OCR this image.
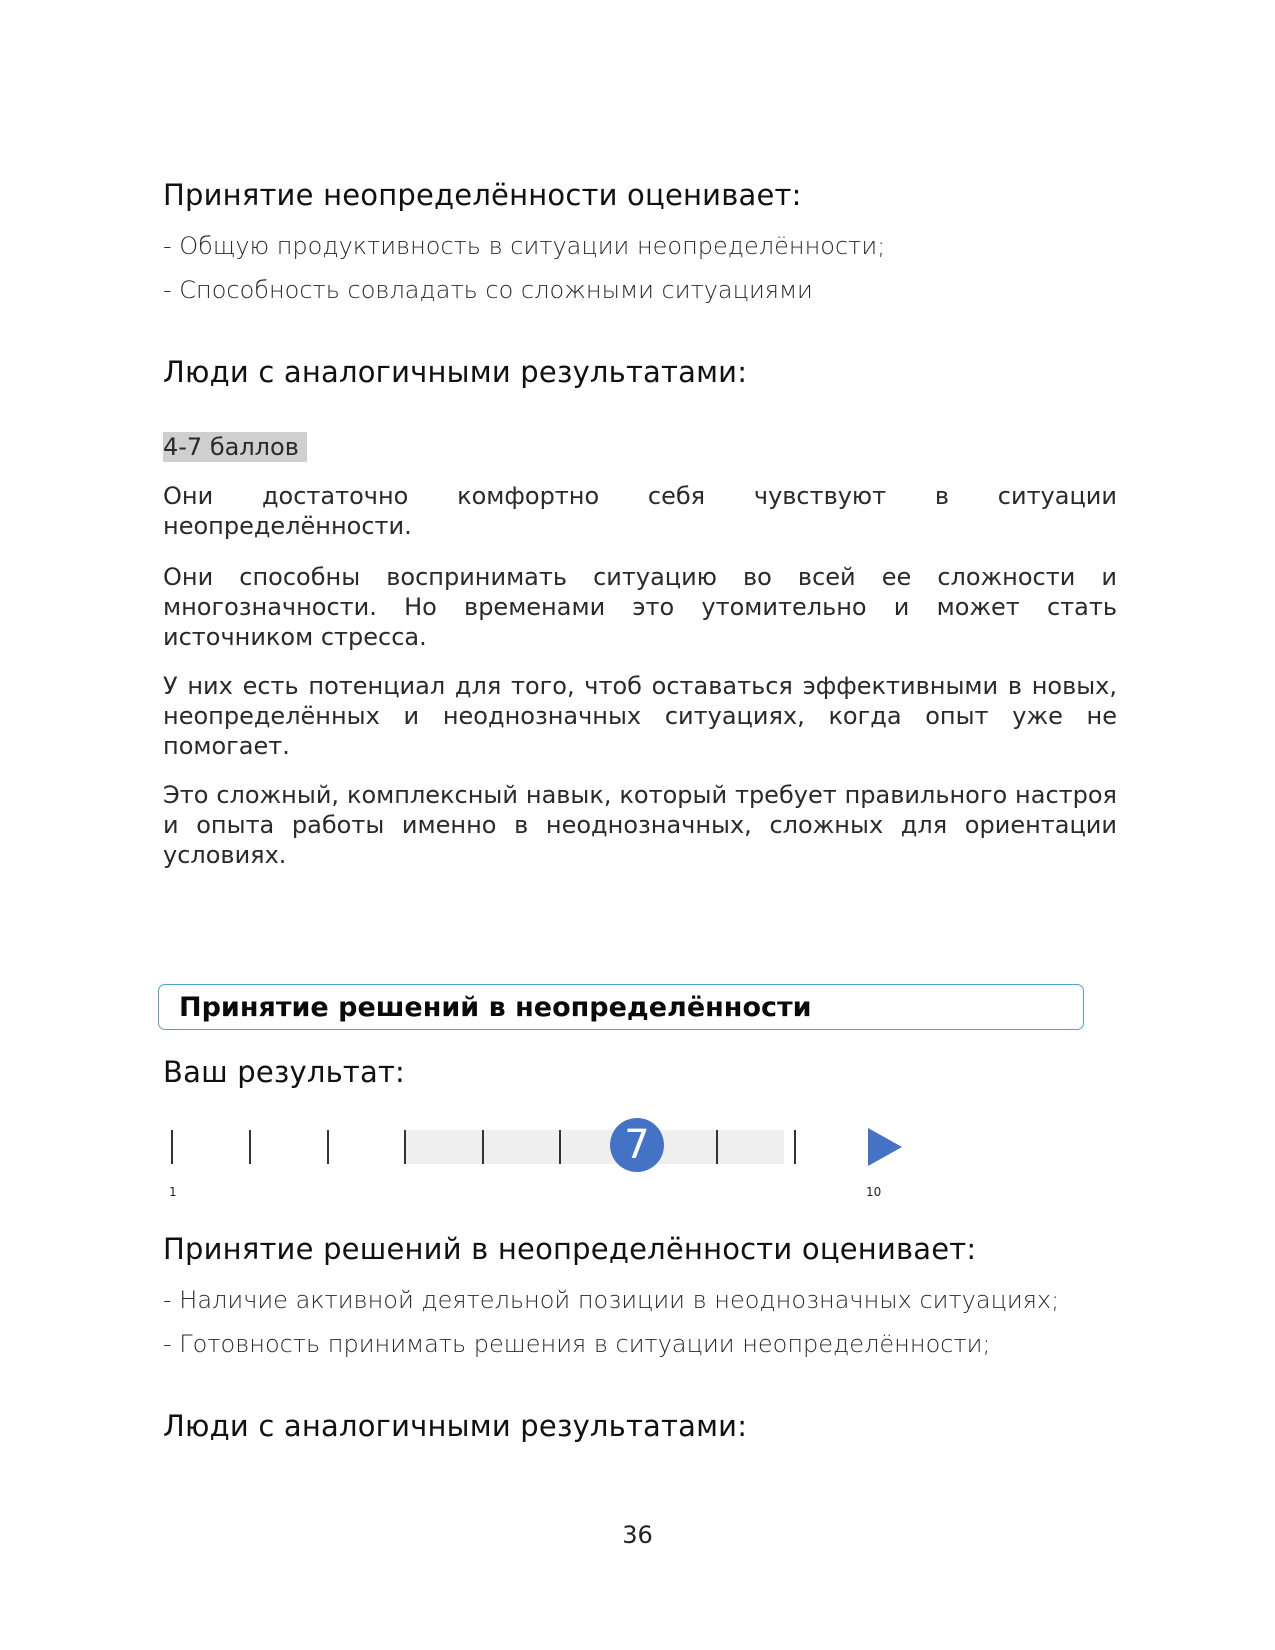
Принятие неопределённости оценивает:
- Общую продуктивность в ситуации неопределённости;
- Способность совладать со сложными ситуациями
Люди с аналогичными результатами:
4-7 баллов
Они достаточно комфортно себя чувствуют в ситуации неопределённости.
Они способны воспринимать ситуацию во всей ее сложности и многозначности. Но временами это утомительно и может стать источником стресса.
У них есть потенциал для того, чтоб оставаться эффективными в новых, неопределённых и неоднозначных ситуациях, когда опыт уже не помогает.
Это сложный, комплексный навык, который требует правильного настроя и опыта работы именно в неоднозначных, сложных для ориентации условиях.
Принятие решений в неопределённости
Ваш результат:
7
1	10
Принятие решений в неопределённости оценивает:
- Наличие активной деятельной позиции в неоднозначных ситуациях;
- Готовность принимать решения в ситуации неопределённости;
Люди с аналогичными результатами:
36
